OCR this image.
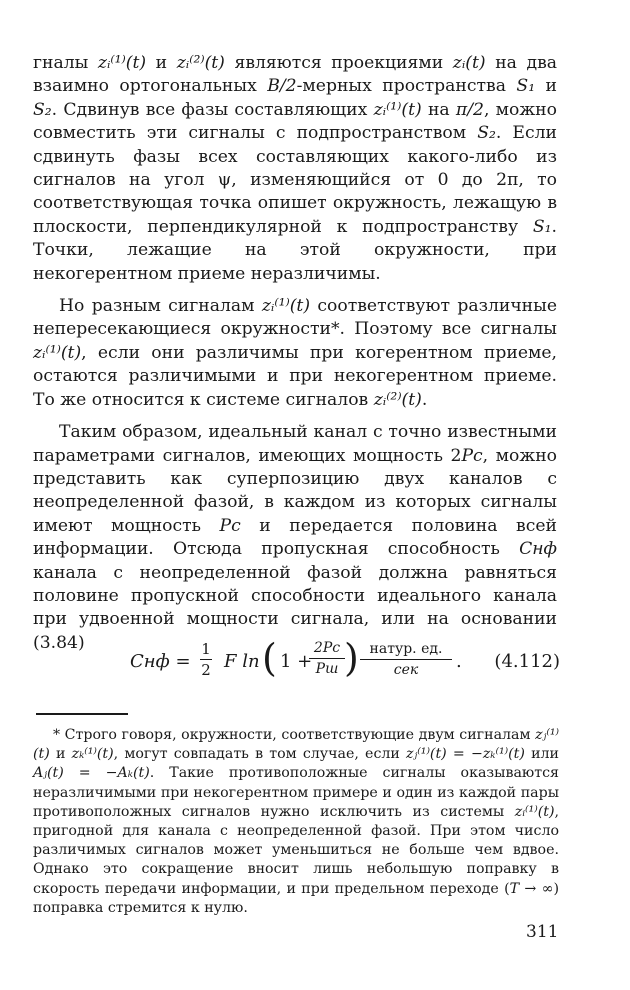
гналы zᵢ⁽¹⁾(t) и zᵢ⁽²⁾(t) являются проекциями zᵢ(t) на два взаимно ортогональных B/2-мерных пространства S₁ и S₂. Сдвинув все фазы составляющих zᵢ⁽¹⁾(t) на π/2, можно совместить эти сигналы с подпространством S₂. Если сдвинуть фазы всех составляющих какого-либо из сигналов на угол ψ, изменяющийся от 0 до 2π, то соответствующая точка опишет окружность, лежащую в плоскости, перпендикулярной к подпространству S₁. Точки, лежащие на этой окружности, при некогерентном приеме неразличимы.

Но разным сигналам zᵢ⁽¹⁾(t) соответствуют различные непересекающиеся окружности*. Поэтому все сигналы zᵢ⁽¹⁾(t), если они различимы при когерентном приеме, остаются различимыми и при некогерентном приеме. То же относится к системе сигналов zᵢ⁽²⁾(t).

Таким образом, идеальный канал с точно известными параметрами сигналов, имеющих мощность 2Pc, можно представить как суперпозицию двух каналов с неопределенной фазой, в каждом из которых сигналы имеют мощность Pc и передается половина всей информации. Отсюда пропускная способность Cнф канала с неопределенной фазой должна равняться половине пропускной способности идеального канала при удвоенной мощности сигнала, или на основании (3.84)

Cнф =
1
2 F ln ( 1 +
2Pc
Pш ) натур. ед.
сек	. (4.112)

* Строго говоря, окружности, соответствующие двум сигналам zⱼ⁽¹⁾(t) и zₖ⁽¹⁾(t), могут совпадать в том случае, если zⱼ⁽¹⁾(t) = −zₖ⁽¹⁾(t) или Aⱼ(t) = −Aₖ(t). Такие противоположные сигналы оказываются неразличимыми при некогерентном примере и один из каждой пары противоположных сигналов нужно исключить из системы zᵢ⁽¹⁾(t), пригодной для канала с неопределенной фазой. При этом число различимых сигналов может уменьшиться не больше чем вдвое. Однако это сокращение вносит лишь небольшую поправку в скорость передачи информации, и при предельном переходе (T → ∞) поправка стремится к нулю.

311
